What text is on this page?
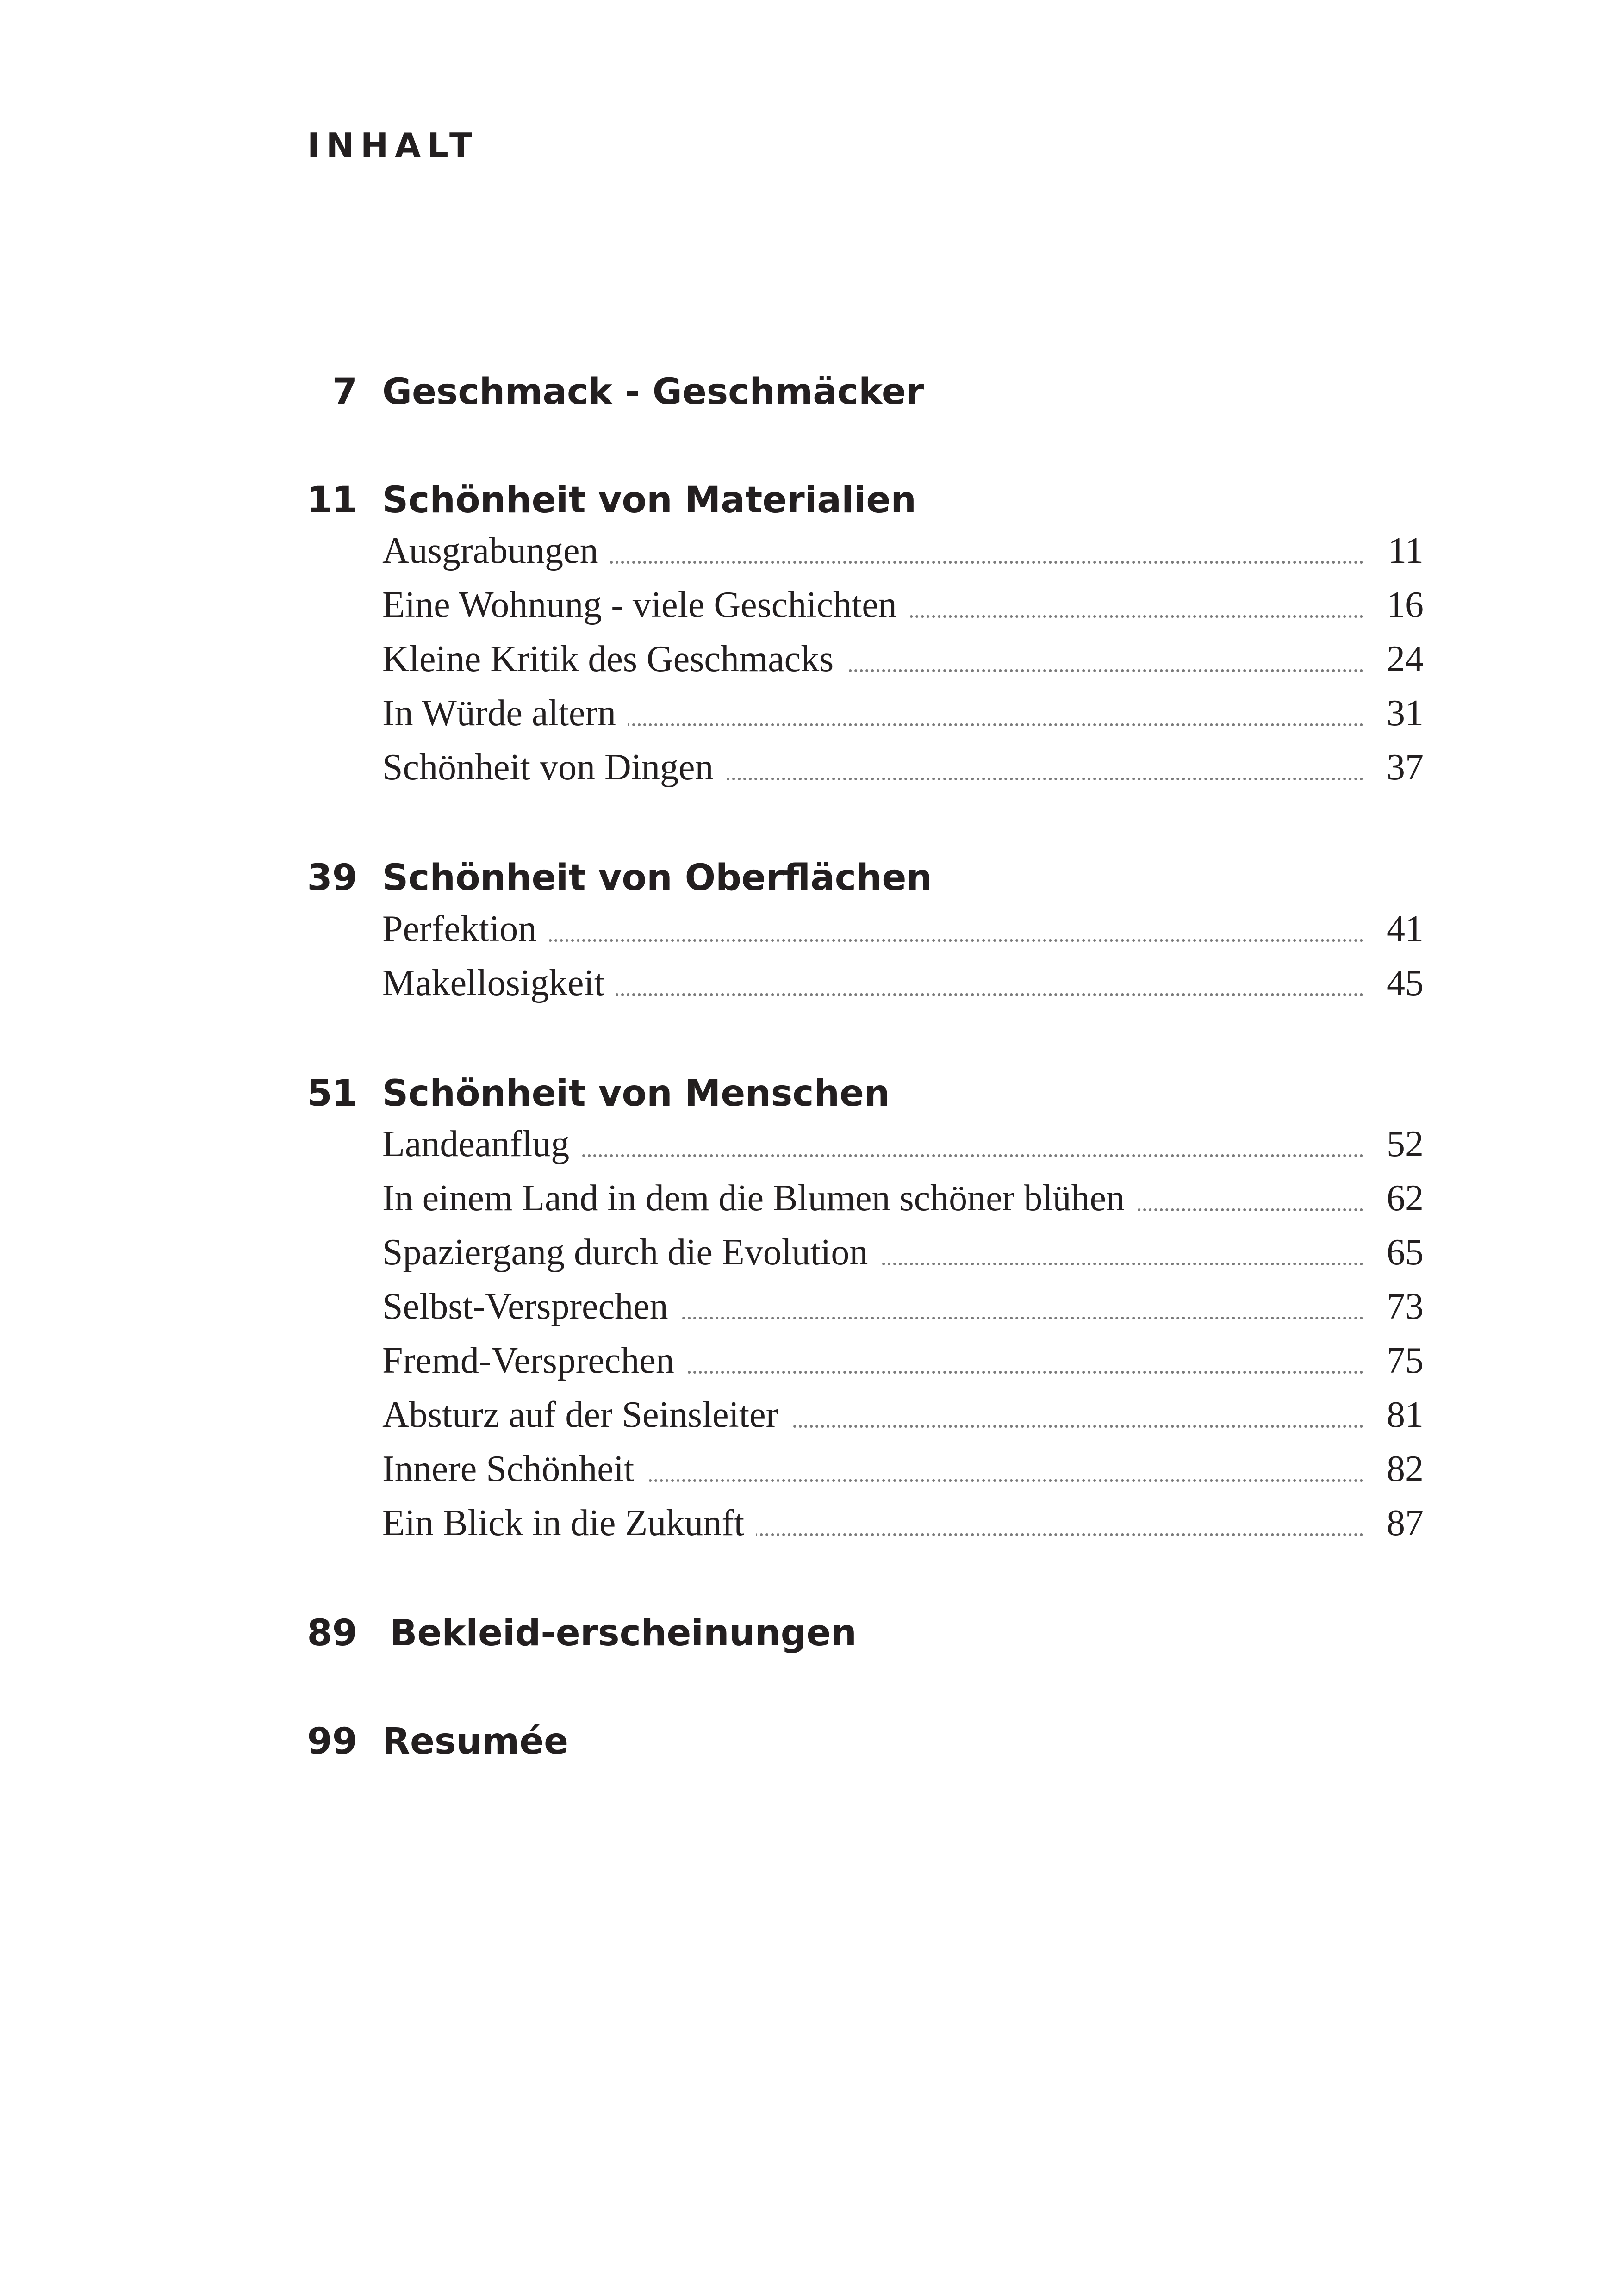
INHALT
7 Geschmack - Geschmäcker
11 Schönheit von Materialien
Ausgrabungen	11
Eine Wohnung - viele Geschichten	16
Kleine Kritik des Geschmacks	24
In Würde altern	31
Schönheit von Dingen	37
39 Schönheit von Oberflächen
Perfektion	41
Makellosigkeit	45
51 Schönheit von Menschen
Landeanflug	52
In einem Land in dem die Blumen schöner blühen	62
Spaziergang durch die Evolution	65
Selbst-Versprechen	73
Fremd-Versprechen	75
Absturz auf der Seinsleiter	81
Innere Schönheit	82
Ein Blick in die Zukunft	87
89 Bekleid-erscheinungen
99 Resumée
